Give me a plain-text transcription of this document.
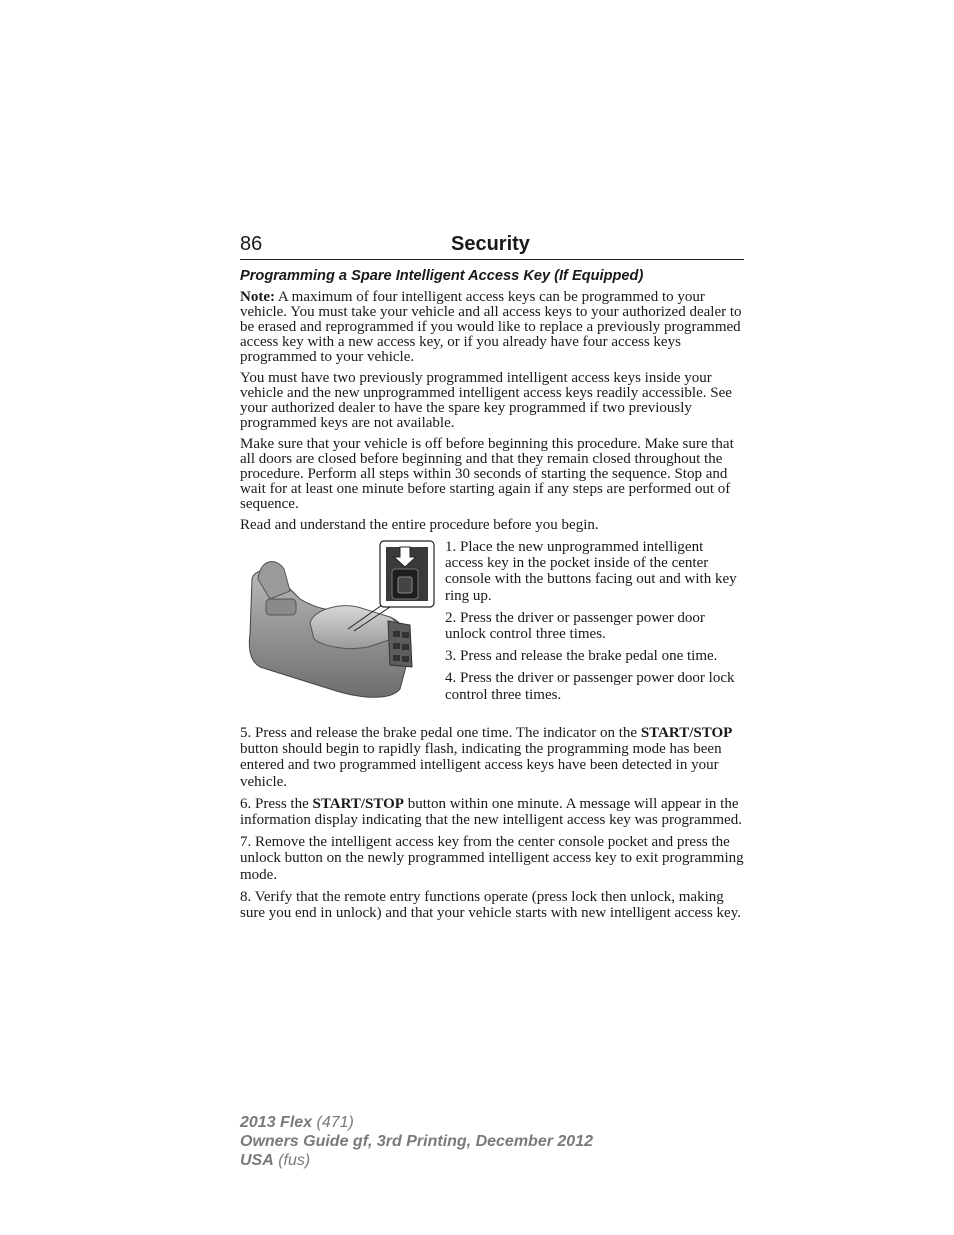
86	Security
Programming a Spare Intelligent Access Key (If Equipped)

Note: A maximum of four intelligent access keys can be programmed to your vehicle. You must take your vehicle and all access keys to your authorized dealer to be erased and reprogrammed if you would like to replace a previously programmed access key with a new access key, or if you already have four access keys programmed to your vehicle.

You must have two previously programmed intelligent access keys inside your vehicle and the new unprogrammed intelligent access keys readily accessible. See your authorized dealer to have the spare key programmed if two previously programmed keys are not available.

Make sure that your vehicle is off before beginning this procedure. Make sure that all doors are closed before beginning and that they remain closed throughout the procedure. Perform all steps within 30 seconds of starting the sequence. Stop and wait for at least one minute before starting again if any steps are performed out of sequence.

Read and understand the entire procedure before you begin.

1. Place the new unprogrammed intelligent access key in the pocket inside of the center console with the buttons facing out and with key ring up.

2. Press the driver or passenger power door unlock control three times.

3. Press and release the brake pedal one time.

4. Press the driver or passenger power door lock control three times.

5. Press and release the brake pedal one time. The indicator on the START/STOP button should begin to rapidly flash, indicating the programming mode has been entered and two programmed intelligent access keys have been detected in your vehicle.

6. Press the START/STOP button within one minute. A message will appear in the information display indicating that the new intelligent access key was programmed.

7. Remove the intelligent access key from the center console pocket and press the unlock button on the newly programmed intelligent access key to exit programming mode.

8. Verify that the remote entry functions operate (press lock then unlock, making sure you end in unlock) and that your vehicle starts with new intelligent access key.

2013 Flex (471)
Owners Guide gf, 3rd Printing, December 2012
USA (fus)
